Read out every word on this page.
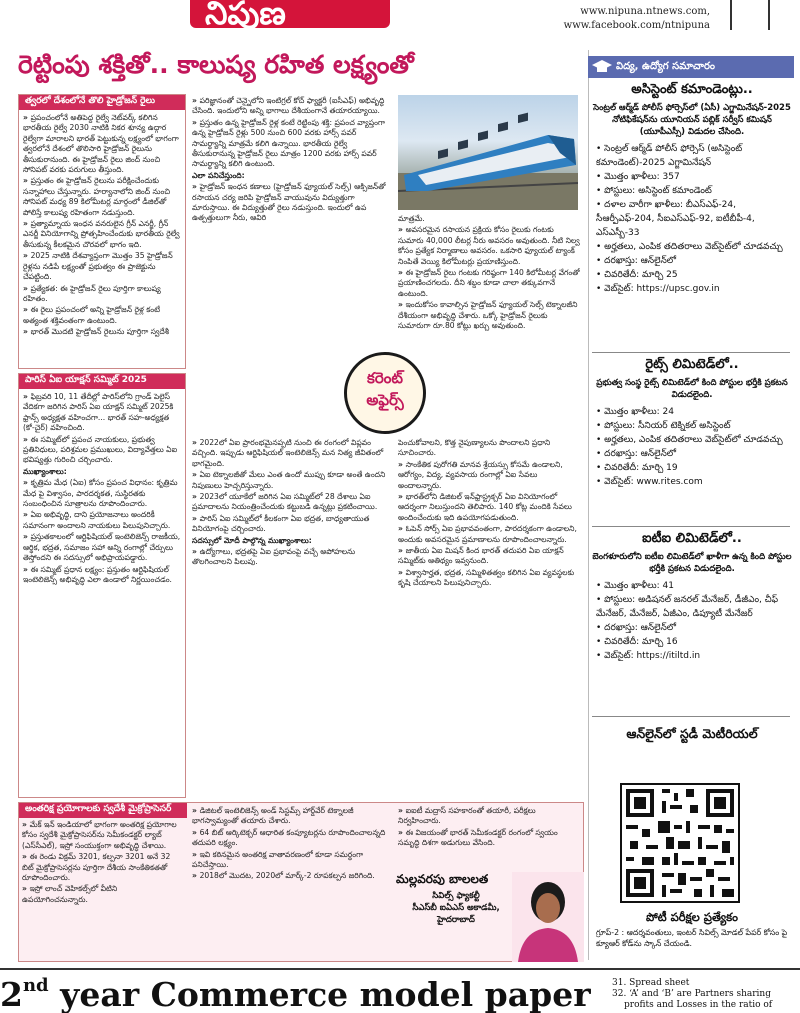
నిపుణ	www.nipuna.ntnews.com,
www.facebook.com/ntnipuna
రెట్టింపు శక్తితో.. కాలుష్య రహిత లక్ష్యంతో
త్వరలో దేశంలోనే తొలి హైడ్రోజన్ రైలు

» ప్రపంచంలోనే అతిపెద్ద రైల్వే నెట్‌వర్క్ కలిగిన భారతీయ రైల్వే 2030 నాటికి నికర శూన్య ఉద్గార రైల్వేగా మారాలని భారత్ పెట్టుకున్న లక్ష్యంలో భాగంగా త్వరలోనే దేశంలో తొలిసారి హైడ్రోజన్ రైలును తీసుకురానుంది. ఈ హైడ్రోజన్ రైలు జింద్‌ నుంచి సోనిపట్ వరకు పరుగులు తీస్తుంది.

» ప్రస్తుతం ఈ హైడ్రోజన్ రైలును పరీక్షించేందుకు సన్నాహాలు చేస్తున్నారు. హర్యానాలోని జింద్ నుంచి సోనిపట్ మధ్య 89 కిలోమీటర్ల మార్గంలో డీజిల్‌తో పోలిస్తే కాలుష్య రహితంగా నడుస్తుంది.

» ప్రత్యామ్నాయ ఇంధన వనరులైన గ్రీన్ ఎనర్జీ, గ్రీన్ ఎనర్జీ వినియోగాన్ని ప్రోత్సహించేందుకు భారతీయ రైల్వే తీసుకున్న కీలకమైన చొరవలో భాగం ఇది.

» 2025 నాటికి దేశవ్యాప్తంగా మొత్తం 35 హైడ్రోజన్ రైళ్లను నడిపే లక్ష్యంతో ప్రభుత్వం ఈ ప్రాజెక్టును చేపట్టింది.

» ప్రత్యేకత: ఈ హైడ్రోజన్ రైలు పూర్తిగా కాలుష్య రహితం.

» ఈ రైలు ప్రపంచంలో అన్ని హైడ్రోజన్ రైళ్ల కంటే అత్యంత శక్తివంతంగా ఉంటుంది.

» భారత్ మొదటి హైడ్రోజన్ రైలును పూర్తిగా స్వదేశీ

» పరిజ్ఞానంతో చెన్నైలోని ఇంటిగ్రల్ కోచ్ ఫ్యాక్టరీ (ఐసీఎఫ్) అభివృద్ధి చేసింది. ఇందులోని అన్ని భాగాలు దేశీయంగానే తయారయ్యాయి.

» ప్రస్తుతం ఉన్న హైడ్రోజన్ రైళ్ల కంటే రెట్టింపు శక్తి: ప్రపంచ వ్యాప్తంగా ఉన్న హైడ్రోజన్ రైళ్లు 500 నుంచి 600 వరకు హార్స్ పవర్ సామర్థ్యాన్ని మాత్రమే కలిగి ఉన్నాయి. భారతీయ రైల్వే తీసుకురానున్న హైడ్రోజన్ రైలు మాత్రం 1200 వరకు హార్స్ పవర్ సామర్థ్యాన్ని కలిగి ఉంటుంది.

ఎలా పనిచేస్తుంది:

» హైడ్రోజన్ ఇంధన కణాలు (హైడ్రోజన్ ఫ్యూయల్ సెల్స్) ఆక్సిజన్‌తో రసాయన చర్య జరిపి హైడ్రోజన్ వాయువును విద్యుత్తుగా మారుస్తాయి. ఈ విద్యుత్తుతో రైలు నడుస్తుంది. ఇందులో ఉప ఉత్పత్తులుగా నీరు, ఆవిరి	మాత్రమే.

» అవసరమైన రసాయన ప్రక్రియ కోసం రైలుకు గంటకు సుమారు 40,000 లీటర్ల నీరు అవసరం అవుతుంది. నీటి నిల్వ కోసం ప్రత్యేక నిర్మాణాలు అవసరం. ఒకసారి ఫ్యూయల్ ట్యాంక్ నింపితే వెయ్యి కిలోమీటర్లు ప్రయాణిస్తుంది.

» ఈ హైడ్రోజన్ రైలు గంటకు గరిష్ఠంగా 140 కిలోమీటర్ల వేగంతో ప్రయాణించగలదు. దీని శబ్దం కూడా చాలా తక్కువగానే ఉంటుంది.

» ఇందుకోసం కావాల్సిన హైడ్రోజన్ ఫ్యూయల్ సెల్స్ టెక్నాలజీని దేశీయంగా అభివృద్ధి చేశారు. ఒక్కో హైడ్రోజన్ రైలుకు సుమారుగా రూ.80 కోట్లు ఖర్చు అవుతుంది.

పారిస్ ఏఐ యాక్షన్ సమ్మిట్ 2025

» ఫిబ్రవరి 10, 11 తేదీల్లో పారిస్‌లోని గ్రాండ్ పెలైస్ వేదికగా జరిగిన పారిస్ ఏఐ యాక్షన్ సమ్మిట్ 2025కి ఫ్రాన్స్ అధ్యక్షత వహించగా... భారత్ సహ-అధ్యక్షత (కో-చైర్) వహించింది.

» ఈ సమ్మిట్‌లో ప్రపంచ నాయకులు, ప్రభుత్వ ప్రతినిధులు, పరిశ్రమల ప్రముఖులు, విద్యావేత్తలు ఏఐ భవిష్యత్తు గురించి చర్చించారు.

ముఖ్యాంశాలు:

» కృత్రిమ మేధ (ఏఐ) కోసం ప్రపంచ విధానం: కృత్రిమ మేధ పై విశ్వాసం, పారదర్శకత, సుస్థిరతకు సంబంధించిన సూత్రాలను రూపొందించారు.

» ఏఐ అభివృద్ధి, దాని ప్రయోజనాలు అందరికీ సమానంగా అందాలని నాయకులు పిలుపునిచ్చారు.

» ప్రస్తుతకాలంలో ఆర్టిఫిషియల్ ఇంటెలిజెన్స్ రాజకీయ, ఆర్థిక, భద్రత, సమాజం సహా అన్ని రంగాల్లో చేర్పులు తెస్తోందని ఈ సదస్సులో అభిప్రాయపడ్డారు.

» ఈ సమ్మిట్ ప్రధాన లక్ష్యం: ప్రస్తుతం ఆర్టిఫిషియల్ ఇంటెలిజెన్స్ అభివృద్ధి ఎలా ఉండాలో నిర్ణయించడం.

కరెంట్
అఫైర్స్

» 2022లో ఏఐ ప్రారంభమైనప్పటి నుంచి ఈ రంగంలో విప్లవం వచ్చింది. ఇప్పుడు ఆర్టిఫిషియల్ ఇంటెలిజెన్స్ మన నిత్య జీవితంలో భాగమైంది.

» ఏఐ టెక్నాలజీతో మేలు ఎంత ఉందో ముప్పు కూడా అంతే ఉందని నిపుణులు హెచ్చరిస్తున్నారు.

» 2023లో యూకేలో జరిగిన ఏఐ సమ్మిట్‌లో 28 దేశాలు ఏఐ ప్రమాదాలను నియంత్రించేందుకు కట్టుబడి ఉన్నట్లు ప్రకటించాయి.

» పారిస్ ఏఐ సమ్మిట్‌లో కీలకంగా ఏఐ భద్రత, బాధ్యతాయుత వినియోగంపై చర్చించారు.

సదస్సులో మోదీ పాల్గొన్న ముఖ్యాంశాలు:

» ఉద్యోగాలు, భద్రతపై ఏఐ ప్రభావంపై వచ్చే అపోహలను తొలగించాలని పిలుపు.

పెంచుకోవాలని, కొత్త నైపుణ్యాలను పొందాలని ప్రధాని సూచించారు.

» సాంకేతిక పురోగతి మానవ శ్రేయస్సు కోసమే ఉండాలని, ఆరోగ్యం, విద్య, వ్యవసాయ రంగాల్లో ఏఐ సేవలు అందాలన్నారు.

» భారత్‌లోని డిజిటల్ ఇన్‌ఫ్రాస్ట్రక్చర్ ఏఐ వినియోగంలో ఆదర్శంగా నిలుస్తుందని తెలిపారు. 140 కోట్ల మందికి సేవలు అందించేందుకు ఇది ఉపయోగపడుతుంది.

» ఓపెన్ సోర్స్ ఏఐ ప్రభావవంతంగా, పారదర్శకంగా ఉండాలని, అందుకు అవసరమైన ప్రమాణాలను రూపొందించాలన్నారు.

» జాతీయ ఏఐ మిషన్ కింద భారత్ తదుపరి ఏఐ యాక్షన్ సమ్మిట్‌కు ఆతిథ్యం ఇవ్వనుంది.

» విశ్వాసార్హత, భద్రత, సమ్మిళితత్వం కలిగిన ఏఐ వ్యవస్థలకు కృషి చేయాలని పిలుపునిచ్చారు.

అంతరిక్ష ప్రయోగాలకు స్వదేశీ మైక్రోప్రాసెసర్

» మేక్ ఇన్ ఇండియాలో భాగంగా అంతరిక్ష ప్రయోగాల కోసం స్వదేశీ మైక్రోప్రాసెసర్‌ను సెమీకండక్టర్ ల్యాబ్ (ఎస్‌సీఎల్), ఇస్రో సంయుక్తంగా అభివృద్ధి చేశాయి.

» ఈ రెండు విక్రమ్ 3201, కల్పనా 3201 అనే 32 బిట్ మైక్రోప్రాసెసర్లను పూర్తిగా దేశీయ సాంకేతికతతో రూపొందించారు.

» ఇస్రో లాంచ్ వెహికల్స్‌లో వీటిని ఉపయోగించనున్నారు.

» డిజిటల్ ఇంటెలిజెన్స్ అండ్ సిస్టమ్స్ హార్డ్‌వేర్ టెక్నాలజీ భాగస్వామ్యంతో తయారు చేశారు.

» 64 బిట్ ఆర్కిటెక్చర్ ఆధారిత కంప్యూటర్లను రూపొందించాలన్నది తదుపరి లక్ష్యం.

» ఇవి కఠినమైన అంతరిక్ష వాతావరణంలో కూడా సమర్థంగా పనిచేస్తాయి.

» 2018లో మొదట, 2020లో మార్క్-2 రూపకల్పన జరిగింది.

» ఐఐటీ మద్రాస్ సహకారంతో తయారీ, పరీక్షలు నిర్వహించారు.

» ఈ విజయంతో భారత్ సెమీకండక్టర్ రంగంలో స్వయం సమృద్ధి దిశగా అడుగులు వేసింది.

మల్లవరపు బాలలత
సివిల్స్ ఫ్యాకల్టీ
సీఎస్‌బీ ఐఏఎస్ అకాడమీ,
హైదరాబాద్
విద్య, ఉద్యోగ సమాచారం
అసిస్టెంట్ కమాండెంట్లు..
సెంట్రల్ ఆర్మ్‌డ్ పోలీస్ ఫోర్సెస్‌లో (ఏసీ) ఎగ్జామినేషన్-2025 నోటిఫికేషన్‌ను యూనియన్ పబ్లిక్ సర్వీస్ కమిషన్ (యూపీఎస్సీ) విడుదల చేసింది.
• సెంట్రల్ ఆర్మ్‌డ్ పోలీస్ ఫోర్సెస్ (అసిస్టెంట్ కమాండెంట్)-2025 ఎగ్జామినేషన్
• మొత్తం ఖాళీలు: 357
• పోస్టులు: అసిస్టెంట్ కమాండెంట్
• దళాల వారీగా ఖాళీలు: బీఎస్ఎఫ్-24, సీఆర్పీఎఫ్-204, సీఐఎస్ఎఫ్-92, ఐటీబీపీ-4, ఎస్ఎస్బీ-33
• అర్హతలు, ఎంపిక తదితరాలు వెబ్‌సైట్‌లో చూడవచ్చు
• దరఖాస్తు: ఆన్‌లైన్‌లో
• చివరితేదీ: మార్చి 25
• వెబ్‌సైట్: https://upsc.gov.in
రైట్స్ లిమిటెడ్‌లో..
ప్రభుత్వ సంస్థ రైట్స్ లిమిటెడ్‌లో కింది పోస్టుల భర్తీకి ప్రకటన విడుదలైంది.
• మొత్తం ఖాళీలు: 24
• పోస్టులు: సీనియర్ టెక్నికల్ అసిస్టెంట్
• అర్హతలు, ఎంపిక తదితరాలు వెబ్‌సైట్‌లో చూడవచ్చు
• దరఖాస్తు: ఆన్‌లైన్‌లో
• చివరితేదీ: మార్చి 19
• వెబ్‌సైట్: www.rites.com
ఐటీఐ లిమిటెడ్‌లో..
బెంగళూరులోని ఐటీఐ లిమిటెడ్‌లో ఖాళీగా ఉన్న కింది పోస్టుల భర్తీకి ప్రకటన విడుదలైంది.
• మొత్తం ఖాళీలు: 41
• పోస్టులు: అడిషనల్ జనరల్ మేనేజర్, డీజీఎం, చీఫ్ మేనేజర్, మేనేజర్, ఏజీఎం, డిప్యూటీ మేనేజర్
• దరఖాస్తు: ఆన్‌లైన్‌లో
• చివరితేదీ: మార్చి 16
• వెబ్‌సైట్: https://itiltd.in
ఆన్‌లైన్‌లో స్టడీ మెటీరియల్
పోటీ పరీక్షల ప్రత్యేకం
గ్రూప్-2 : ఆదర్శవంతులు, ఇంటర్ సివిల్స్ మోడల్ పేపర్ కోసం పై క్యూఆర్ కోడ్‌ను స్కాన్ చేయండి.
2nd year Commerce model paper 31. Spread sheet
32. ‘A’ and ‘B’ are Partners sharing
profits and Losses in the ratio of
